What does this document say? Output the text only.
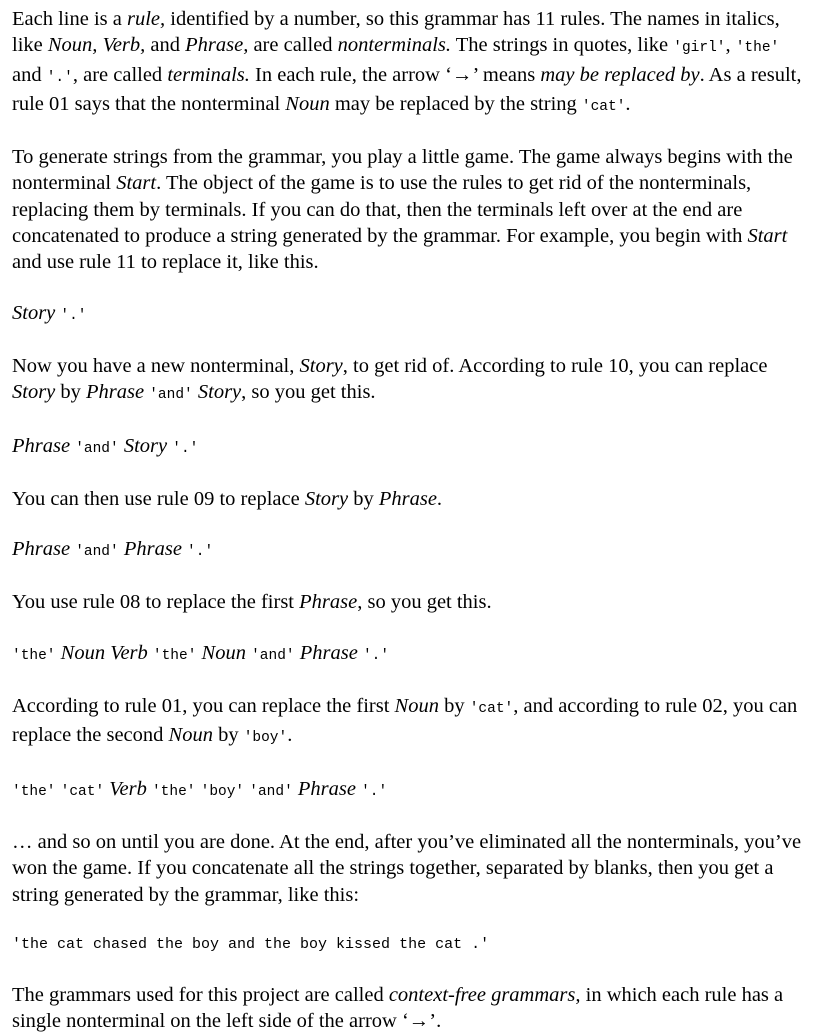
Each line is a rule, identified by a number, so this grammar has 11 rules. The names in italics, like Noun, Verb, and Phrase, are called nonterminals. The strings in quotes, like 'girl', 'the' and '.', are called terminals. In each rule, the arrow ‘→’ means may be replaced by. As a result, rule 01 says that the nonterminal Noun may be replaced by the string 'cat'.

To generate strings from the grammar, you play a little game. The game always begins with the nonterminal Start. The object of the game is to use the rules to get rid of the nonterminals, replacing them by terminals. If you can do that, then the terminals left over at the end are concatenated to produce a string generated by the grammar. For example, you begin with Start and use rule 11 to replace it, like this.

Story '.'

Now you have a new nonterminal, Story, to get rid of. According to rule 10, you can replace Story by Phrase 'and' Story, so you get this.

Phrase 'and' Story '.'

You can then use rule 09 to replace Story by Phrase.

Phrase 'and' Phrase '.'

You use rule 08 to replace the first Phrase, so you get this.

'the' Noun Verb 'the' Noun 'and' Phrase '.'

According to rule 01, you can replace the first Noun by 'cat', and according to rule 02, you can replace the second Noun by 'boy'.

'the' 'cat' Verb 'the' 'boy' 'and' Phrase '.'

… and so on until you are done. At the end, after you’ve eliminated all the nonterminals, you’ve won the game. If you concatenate all the strings together, separated by blanks, then you get a string generated by the grammar, like this:

'the cat chased the boy and the boy kissed the cat .'

The grammars used for this project are called context-free grammars, in which each rule has a single nonterminal on the left side of the arrow ‘→’.
